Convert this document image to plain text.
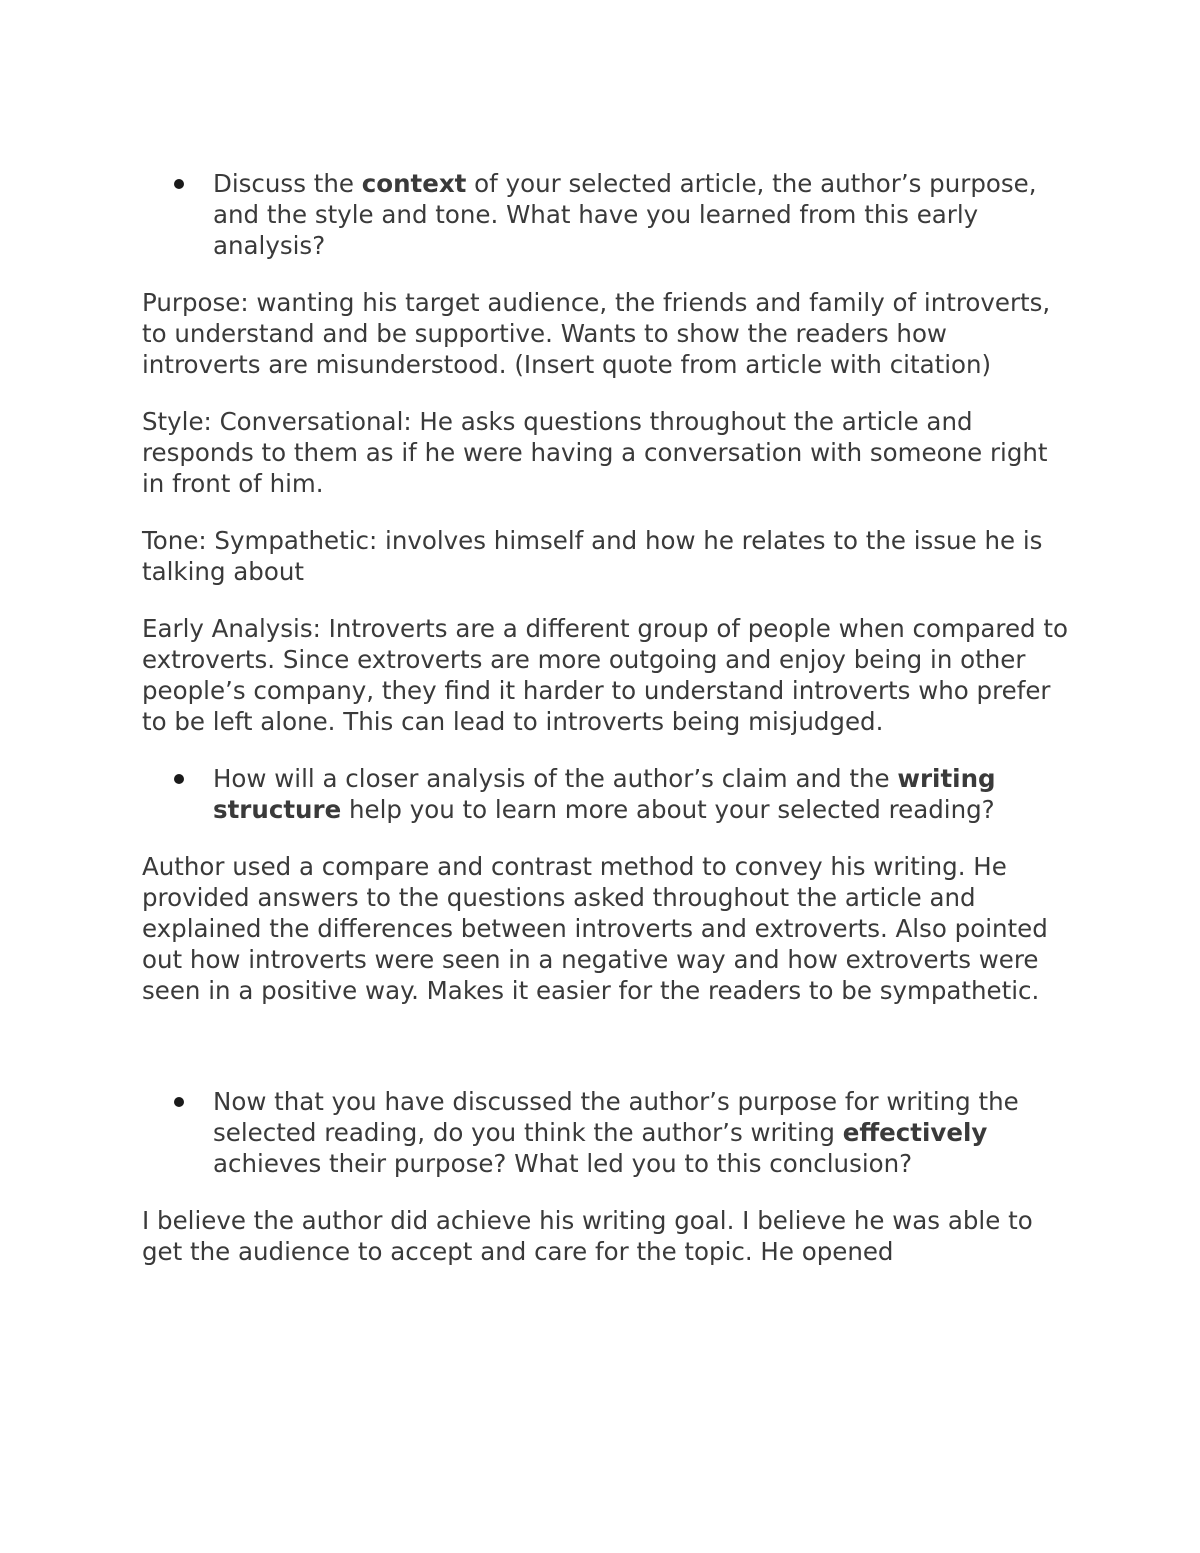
Discuss the context of your selected article, the author’s purpose, and the style and tone. What have you learned from this early analysis?

Purpose: wanting his target audience, the friends and family of introverts, to understand and be supportive. Wants to show the readers how introverts are misunderstood. (Insert quote from article with citation)

Style: Conversational: He asks questions throughout the article and responds to them as if he were having a conversation with someone right in front of him.

Tone: Sympathetic: involves himself and how he relates to the issue he is talking about

Early Analysis: Introverts are a different group of people when compared to extroverts. Since extroverts are more outgoing and enjoy being in other people’s company, they find it harder to understand introverts who prefer to be left alone. This can lead to introverts being misjudged.

How will a closer analysis of the author’s claim and the writing structure help you to learn more about your selected reading?

Author used a compare and contrast method to convey his writing. He provided answers to the questions asked throughout the article and explained the differences between introverts and extroverts. Also pointed out how introverts were seen in a negative way and how extroverts were seen in a positive way. Makes it easier for the readers to be sympathetic.

Now that you have discussed the author’s purpose for writing the selected reading, do you think the author’s writing effectively achieves their purpose? What led you to this conclusion?

I believe the author did achieve his writing goal. I believe he was able to get the audience to accept and care for the topic. He opened
